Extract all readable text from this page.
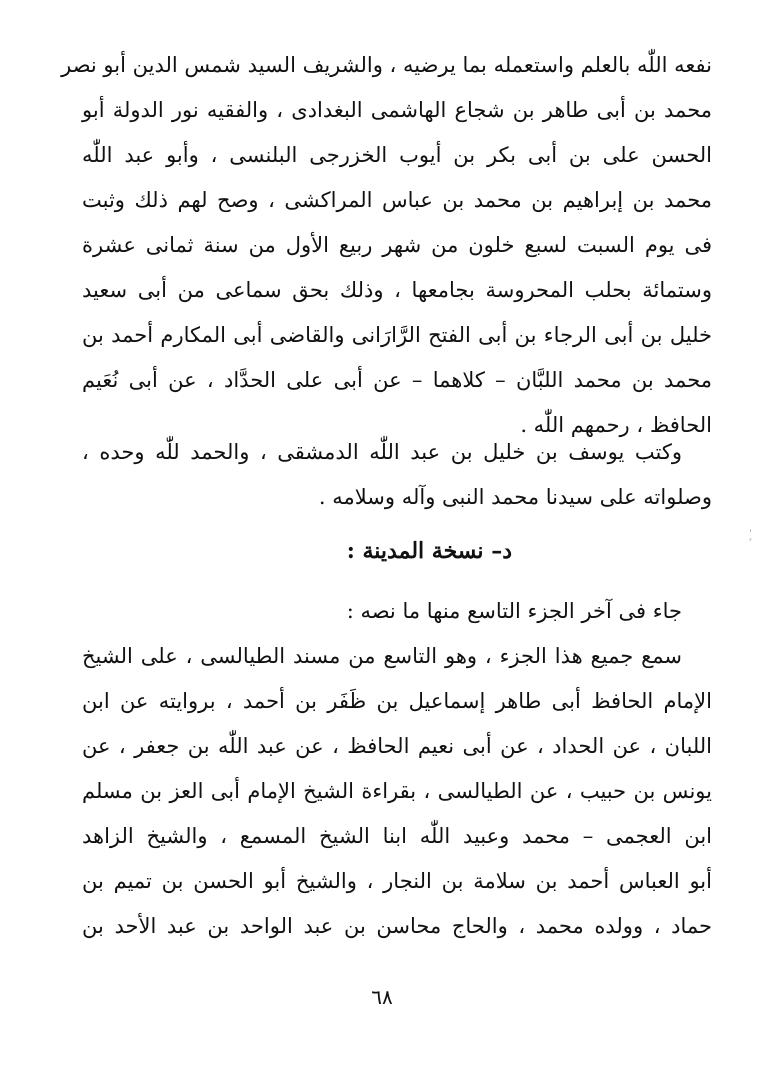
نفعه اللّٰه بالعلم واستعمله بما يرضيه ، والشريف السيد شمس الدين أبو نصر
محمد بن أبى طاهر بن شجاع الهاشمى البغدادى ، والفقيه نور الدولة أبو
الحسن على بن أبى بكر بن أيوب الخزرجى البلنسى ، وأبو عبد اللّٰه
محمد بن إبراهيم بن محمد بن عباس المراكشى ، وصح لهم ذلك وثبت
فى يوم السبت لسبع خلون من شهر ربيع الأول من سنة ثمانى عشرة
وستمائة بحلب المحروسة بجامعها ، وذلك بحق سماعى من أبى سعيد
خليل بن أبى الرجاء بن أبى الفتح الرَّارَانى والقاضى أبى المكارم أحمد بن
محمد بن محمد اللبَّان – كلاهما – عن أبى على الحدَّاد ، عن أبى نُعَيم
الحافظ ، رحمهم اللّٰه .
وكتب يوسف بن خليل بن عبد اللّٰه الدمشقى ، والحمد للّٰه وحده ،
وصلواته على سيدنا محمد النبى وآله وسلامه .
د– نسخة المدينة :
جاء فى آخر الجزء التاسع منها ما نصه :
سمع جميع هذا الجزء ، وهو التاسع من مسند الطيالسى ، على الشيخ
الإمام الحافظ أبى طاهر إسماعيل بن ظَفَر بن أحمد ، بروايته عن ابن
اللبان ، عن الحداد ، عن أبى نعيم الحافظ ، عن عبد اللّٰه بن جعفر ، عن
يونس بن حبيب ، عن الطيالسى ، بقراءة الشيخ الإمام أبى العز بن مسلم
ابن العجمى – محمد وعبيد اللّٰه ابنا الشيخ المسمع ، والشيخ الزاهد
أبو العباس أحمد بن سلامة بن النجار ، والشيخ أبو الحسن بن تميم بن
حماد ، وولده محمد ، والحاج محاسن بن عبد الواحد بن عبد الأحد بن
٦٨
